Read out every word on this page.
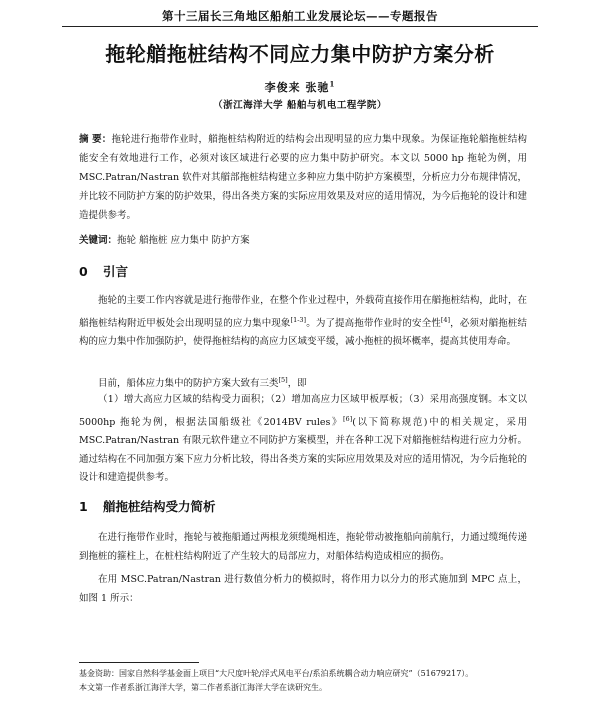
第十三届长三角地区船舶工业发展论坛——专题报告
拖轮艏拖桩结构不同应力集中防护方案分析
李俊来 张驰$^1$
（浙江海洋大学 船舶与机电工程学院）
摘 要：拖轮进行拖带作业时，艏拖桩结构附近的结构会出现明显的应力集中现象。为保证拖轮艏拖桩结构能安全有效地进行工作，必须对该区域进行必要的应力集中防护研究。本文以 5000 hp 拖轮为例，用 MSC.Patran/Nastran 软件对其艏部拖桩结构建立多种应力集中防护方案模型，分析应力分布规律情况，并比较不同防护方案的防护效果，得出各类方案的实际应用效果及对应的适用情况，为今后拖轮的设计和建造提供参考。
关键词：拖轮 艏拖桩 应力集中 防护方案
0 引言
拖轮的主要工作内容就是进行拖带作业，在整个作业过程中，外载荷直接作用在艏拖桩结构，此时，在艏拖桩结构附近甲板处会出现明显的应力集中现象[1-3]。为了提高拖带作业时的安全性[4]，必须对艏拖桩结构的应力集中作加强防护，使得拖桩结构的高应力区域变平缓，减小拖桩的损坏概率，提高其使用寿命。
目前，船体应力集中的防护方案大致有三类[5]，即
（1）增大高应力区域的结构受力面积；（2）增加高应力区域甲板厚板；（3）采用高强度钢。本文以 5000hp 拖轮为例，根据法国船级社《2014BV rules》[6](以下简称规范)中的相关规定，采用 MSC.Patran/Nastran 有限元软件建立不同防护方案模型，并在各种工况下对艏拖桩结构进行应力分析。通过结构在不同加强方案下应力分析比较，得出各类方案的实际应用效果及对应的适用情况，为今后拖轮的设计和建造提供参考。
1 艏拖桩结构受力简析
在进行拖带作业时，拖轮与被拖船通过两根龙须缆绳相连，拖轮带动被拖船向前航行，力通过缆绳传递到拖桩的箍柱上，在桩柱结构附近了产生较大的局部应力，对船体结构造成相应的损伤。
在用 MSC.Patran/Nastran 进行数值分析力的模拟时，将作用力以分力的形式施加到 MPC 点上，如图 1 所示：
基金资助：国家自然科学基金面上项目“大尺度叶轮/浮式风电平台/系泊系统耦合动力响应研究”（51679217）。
本文第一作者系浙江海洋大学，第二作者系浙江海洋大学在读研究生。
